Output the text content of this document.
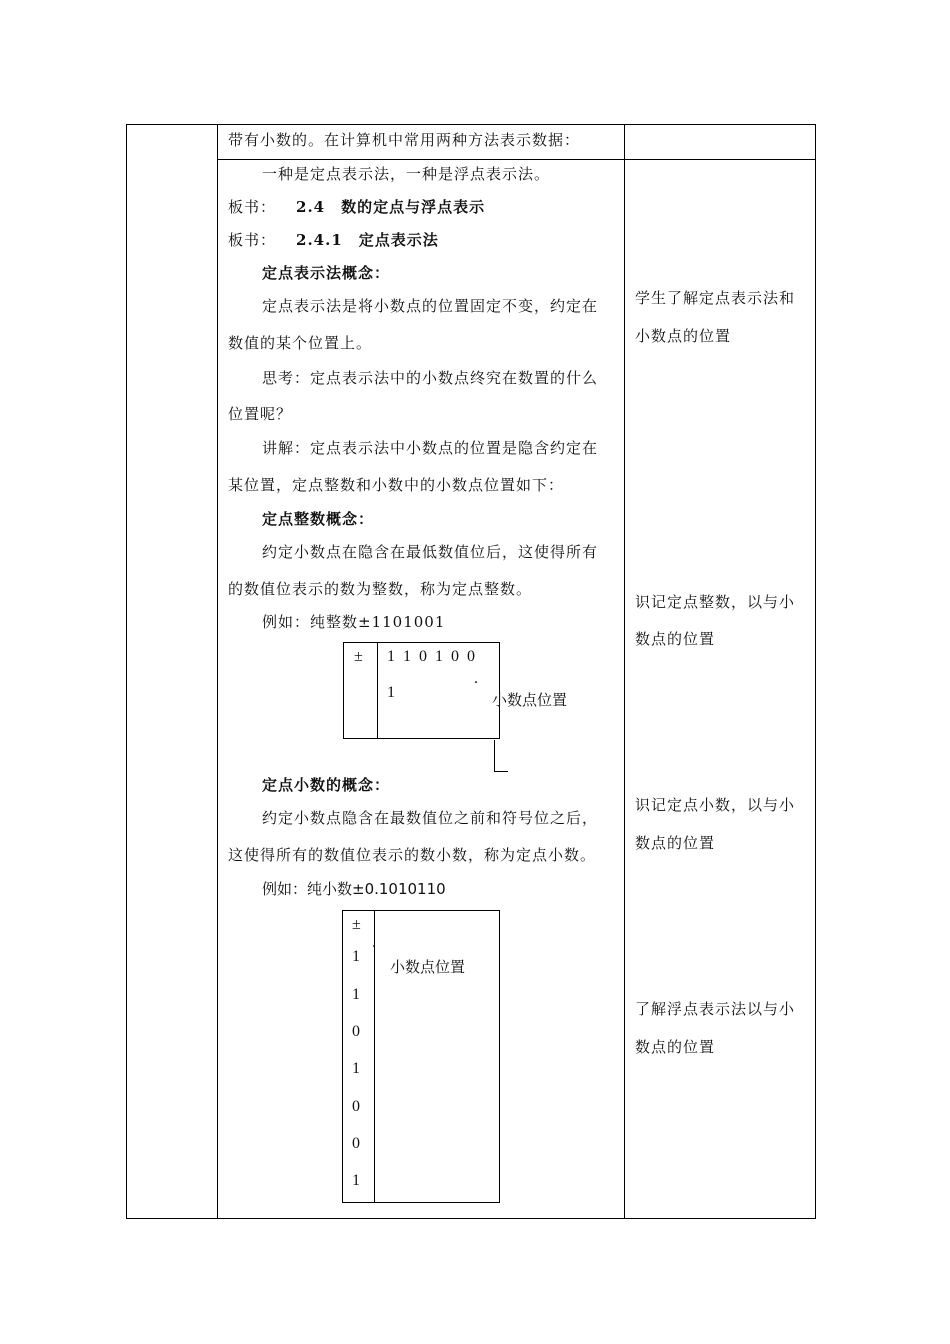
带有小数的。在计算机中常用两种方法表示数据：
一种是定点表示法，一种是浮点表示法。
板书： 2.4　数的定点与浮点表示
板书： 2.4.1　定点表示法
定点表示法概念：
定点表示法是将小数点的位置固定不变，约定在
数值的某个位置上。
思考：定点表示法中的小数点终究在数置的什么
位置呢？
讲解：定点表示法中小数点的位置是隐含约定在
某位置，定点整数和小数中的小数点位置如下：
定点整数概念：
约定小数点在隐含在最低数值位后，这使得所有
的数值位表示的数为整数，称为定点整数。
例如：纯整数±1101001
± 1 1 0 1 0 0
.
1	小数点位置
定点小数的概念：
约定小数点隐含在最数值位之前和符号位之后，
这使得所有的数值位表示的数小数，称为定点小数。
例如：纯小数±0.1010110
±
.
1
1
0
1
0
0
1
小数点位置
学生了解定点表示法和
小数点的位置
识记定点整数，以与小
数点的位置
识记定点小数，以与小
数点的位置
了解浮点表示法以与小
数点的位置
